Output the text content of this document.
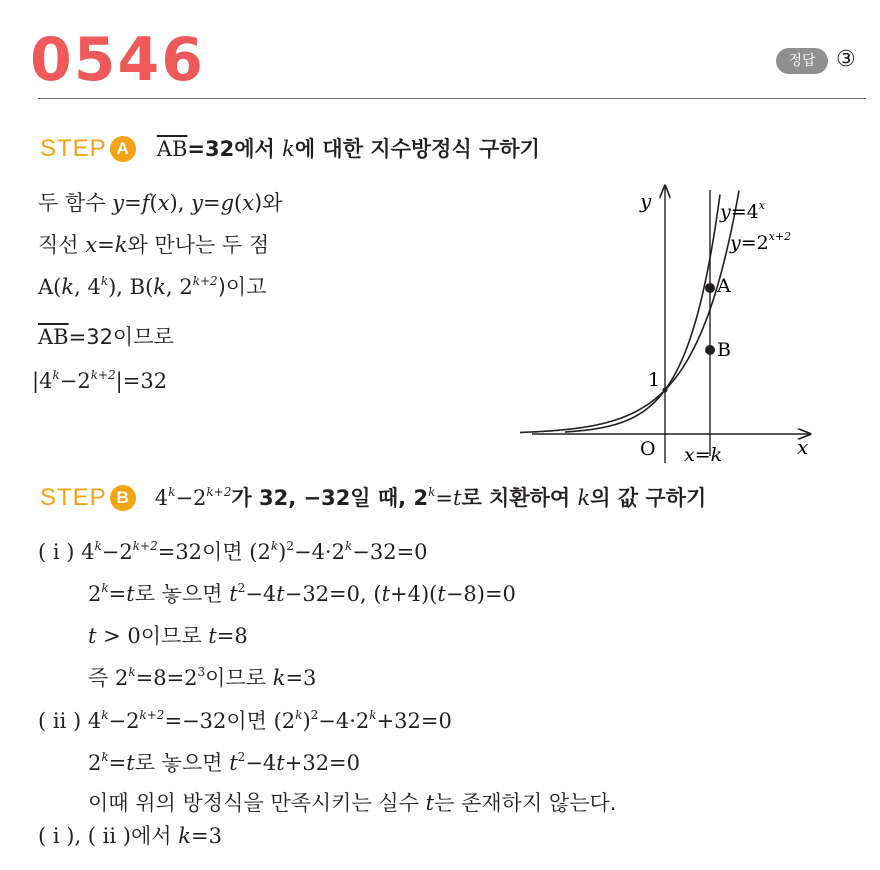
0546	정답 ③
STEP A $\overline{AB}=32$에서 k에 대한 지수방정식 구하기
두 함수 y=f(x), y=g(x)와
직선 x=k와 만나는 두 점
A(k, 4$^k$), B(k, $2^{k+2}$)이고
$\overline{AB}=32$이므로
$|4^k-2^{k+2}|=32$
y
x
O
1
A
B
$y=4^x$
$y=2^{x+2}$
x=k
STEP B $4^k-2^{k+2}$가 32, −32일 때, $2^k=t$로 치환하여 k의 값 구하기
( i ) $4^k-2^{k+2}=32$이면 $(2^k)^2-4\cdot 2^k-32=0$
$2^k=t$로 놓으면 $t^2-4t-32=0$, (t+4)(t−8)=0
t > 0이므로 t=8
즉 $2^k=8=2^3$이므로 k=3
( ii ) $4^k-2^{k+2}=-32$이면 $(2^k)^2-4\cdot 2^k+32=0$
$2^k=t$로 놓으면 $t^2-4t+32=0$
이때 위의 방정식을 만족시키는 실수 t는 존재하지 않는다.
( i ), ( ii )에서 k=3
